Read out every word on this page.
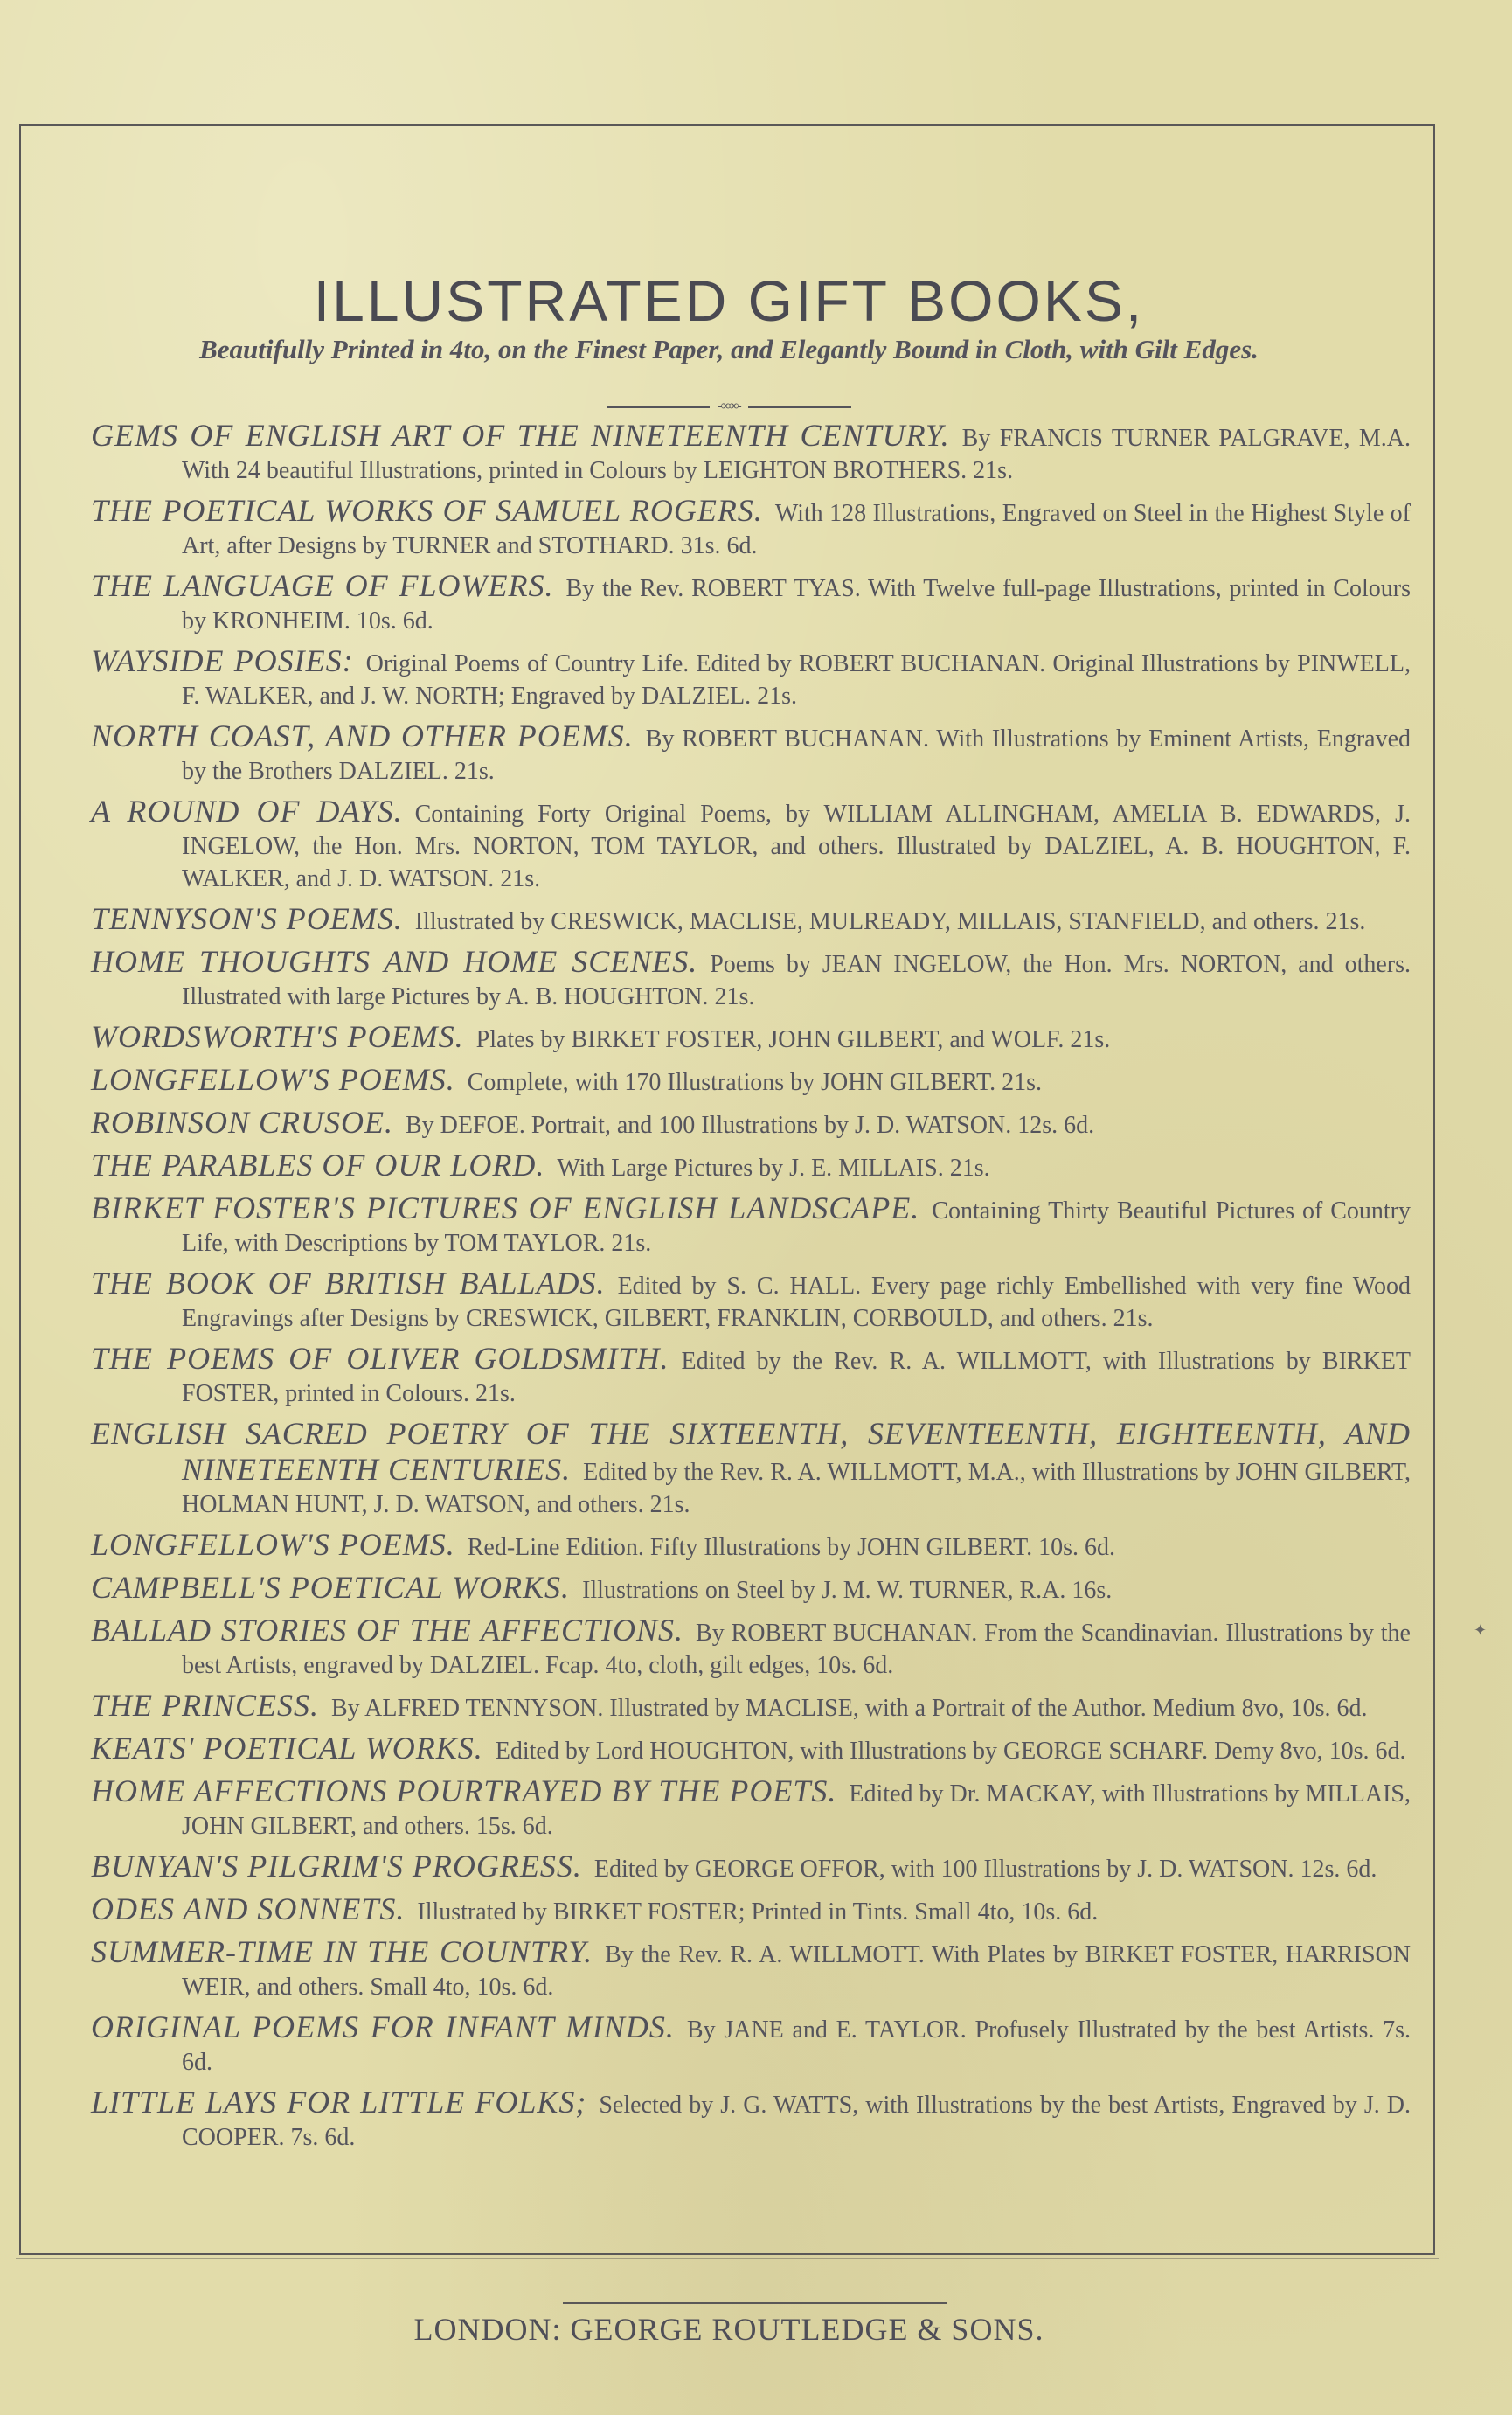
ILLUSTRATED GIFT BOOKS,

Beautifully Printed in 4to, on the Finest Paper, and Elegantly Bound in Cloth, with Gilt Edges.

-∞∞-
GEMS OF ENGLISH ART OF THE NINETEENTH CENTURY. By FRANCIS TURNER PALGRAVE, M.A. With 24 beautiful Illustrations, printed in Colours by LEIGHTON BROTHERS. 21s.
THE POETICAL WORKS OF SAMUEL ROGERS. With 128 Illustrations, Engraved on Steel in the Highest Style of Art, after Designs by TURNER and STOTHARD. 31s. 6d.
THE LANGUAGE OF FLOWERS. By the Rev. ROBERT TYAS. With Twelve full-page Illustrations, printed in Colours by KRONHEIM. 10s. 6d.
WAYSIDE POSIES: Original Poems of Country Life. Edited by ROBERT BUCHANAN. Original Illustrations by PINWELL, F. WALKER, and J. W. NORTH; Engraved by DALZIEL. 21s.
NORTH COAST, AND OTHER POEMS. By ROBERT BUCHANAN. With Illustrations by Eminent Artists, Engraved by the Brothers DALZIEL. 21s.
A ROUND OF DAYS. Containing Forty Original Poems, by WILLIAM ALLINGHAM, AMELIA B. EDWARDS, J. INGELOW, the Hon. Mrs. NORTON, TOM TAYLOR, and others. Illustrated by DALZIEL, A. B. HOUGHTON, F. WALKER, and J. D. WATSON. 21s.
TENNYSON'S POEMS. Illustrated by CRESWICK, MACLISE, MULREADY, MILLAIS, STANFIELD, and others. 21s.
HOME THOUGHTS AND HOME SCENES. Poems by JEAN INGELOW, the Hon. Mrs. NORTON, and others. Illustrated with large Pictures by A. B. HOUGHTON. 21s.
WORDSWORTH'S POEMS. Plates by BIRKET FOSTER, JOHN GILBERT, and WOLF. 21s.
LONGFELLOW'S POEMS. Complete, with 170 Illustrations by JOHN GILBERT. 21s.
ROBINSON CRUSOE. By DEFOE. Portrait, and 100 Illustrations by J. D. WATSON. 12s. 6d.
THE PARABLES OF OUR LORD. With Large Pictures by J. E. MILLAIS. 21s.
BIRKET FOSTER'S PICTURES OF ENGLISH LANDSCAPE. Containing Thirty Beautiful Pictures of Country Life, with Descriptions by TOM TAYLOR. 21s.
THE BOOK OF BRITISH BALLADS. Edited by S. C. HALL. Every page richly Embellished with very fine Wood Engravings after Designs by CRESWICK, GILBERT, FRANKLIN, CORBOULD, and others. 21s.
THE POEMS OF OLIVER GOLDSMITH. Edited by the Rev. R. A. WILLMOTT, with Illustrations by BIRKET FOSTER, printed in Colours. 21s.
ENGLISH SACRED POETRY OF THE SIXTEENTH, SEVENTEENTH, EIGHTEENTH, AND NINETEENTH CENTURIES. Edited by the Rev. R. A. WILLMOTT, M.A., with Illustrations by JOHN GILBERT, HOLMAN HUNT, J. D. WATSON, and others. 21s.
LONGFELLOW'S POEMS. Red-Line Edition. Fifty Illustrations by JOHN GILBERT. 10s. 6d.
CAMPBELL'S POETICAL WORKS. Illustrations on Steel by J. M. W. TURNER, R.A. 16s.
BALLAD STORIES OF THE AFFECTIONS. By ROBERT BUCHANAN. From the Scandinavian. Illustrations by the best Artists, engraved by DALZIEL. Fcap. 4to, cloth, gilt edges, 10s. 6d.
THE PRINCESS. By ALFRED TENNYSON. Illustrated by MACLISE, with a Portrait of the Author. Medium 8vo, 10s. 6d.
KEATS' POETICAL WORKS. Edited by Lord HOUGHTON, with Illustrations by GEORGE SCHARF. Demy 8vo, 10s. 6d.
HOME AFFECTIONS POURTRAYED BY THE POETS. Edited by Dr. MACKAY, with Illustrations by MILLAIS, JOHN GILBERT, and others. 15s. 6d.
BUNYAN'S PILGRIM'S PROGRESS. Edited by GEORGE OFFOR, with 100 Illustrations by J. D. WATSON. 12s. 6d.
ODES AND SONNETS. Illustrated by BIRKET FOSTER; Printed in Tints. Small 4to, 10s. 6d.
SUMMER-TIME IN THE COUNTRY. By the Rev. R. A. WILLMOTT. With Plates by BIRKET FOSTER, HARRISON WEIR, and others. Small 4to, 10s. 6d.
ORIGINAL POEMS FOR INFANT MINDS. By JANE and E. TAYLOR. Profusely Illustrated by the best Artists. 7s. 6d.
LITTLE LAYS FOR LITTLE FOLKS; Selected by J. G. WATTS, with Illustrations by the best Artists, Engraved by J. D. COOPER. 7s. 6d.

LONDON: GEORGE ROUTLEDGE & SONS.

✦
